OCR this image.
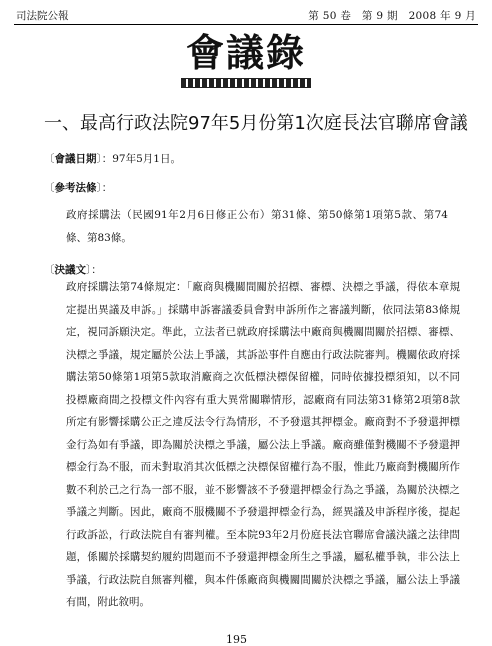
司法院公報	第 50 卷　第 9 期　2008 年 9 月
會議錄
一、最高行政法院97年5月份第1次庭長法官聯席會議
〔會議日期〕：97年5月1日。
〔參考法條〕：
政府採購法（民國91年2月6日修正公布）第31條、第50條第1項第5款、第74條、第83條。
〔決議文〕：
政府採購法第74條規定：「廠商與機關間關於招標、審標、決標之爭議，得依本章規定提出異議及申訴。」採購申訴審議委員會對申訴所作之審議判斷，依同法第83條規定，視同訴願決定。準此，立法者已就政府採購法中廠商與機關間關於招標、審標、決標之爭議，規定屬於公法上爭議，其訴訟事件自應由行政法院審判。機關依政府採購法第50條第1項第5款取消廠商之次低標決標保留權，同時依據投標須知，以不同投標廠商間之投標文件內容有重大異常關聯情形，認廠商有同法第31條第2項第8款所定有影響採購公正之違反法令行為情形，不予發還其押標金。廠商對不予發還押標金行為如有爭議，即為關於決標之爭議，屬公法上爭議。廠商雖僅對機關不予發還押標金行為不服，而未對取消其次低標之決標保留權行為不服，惟此乃廠商對機關所作數不利於己之行為一部不服，並不影響該不予發還押標金行為之爭議，為關於決標之爭議之判斷。因此，廠商不服機關不予發還押標金行為，經異議及申訴程序後，提起行政訴訟，行政法院自有審判權。至本院93年2月份庭長法官聯席會議決議之法律問題，係關於採購契約履約問題而不予發還押標金所生之爭議，屬私權爭執，非公法上爭議，行政法院自無審判權，與本件係廠商與機關間關於決標之爭議，屬公法上爭議有間，附此敘明。
195
